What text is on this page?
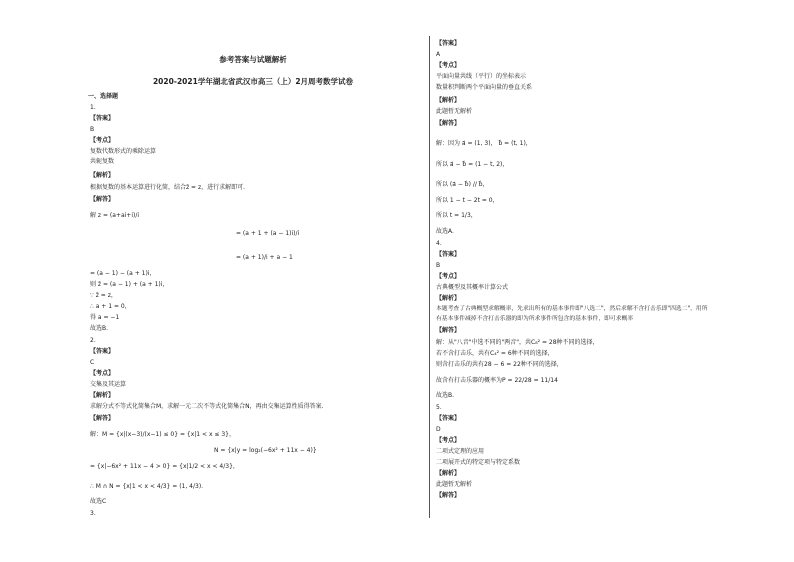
参考答案与试题解析
2020-2021学年湖北省武汉市高三（上）2月周考数学试卷
一、选择题
1.
【答案】
B
【考点】
复数代数形式的乘除运算
共轭复数
【解析】
根据复数的基本运算进行化简，结合z̄ = z，进行求解即可.
【解答】
解 z = (a+ai+i)/i
= (a + 1 + (a − 1)i)/i
= (a + 1)/i + a − 1
= (a − 1) − (a + 1)i，
则 z̄ = (a − 1) + (a + 1)i，
∵ z̄ = z，
∴ a + 1 = 0，
得 a = −1
故选B.
2.
【答案】
C
【考点】
交集及其运算
【解析】
求解分式不等式化简集合M，求解一元二次不等式化简集合N，再由交集运算性质得答案.
【解答】
解：M = {x|(x−3)/(x−1) ≤ 0} = {x|1 < x ≤ 3}，
N = {x|y = log₂(−6x² + 11x − 4)}
= {x|−6x² + 11x − 4 > 0} = {x|1/2 < x < 4/3}，
∴ M ∩ N = {x|1 < x < 4/3} = (1, 4/3).
故选C
3.
【答案】
A
【考点】
平面向量共线（平行）的坐标表示
数量积判断两个平面向量的垂直关系
【解析】
此题暂无解析
【解答】
解：因为 a⃗ = (1, 3)， b⃗ = (t, 1)，
所以 a⃗ − b⃗ = (1 − t, 2)，
所以 (a⃗ − b⃗) // b⃗，
所以 1 − t − 2t = 0，
所以 t = 1/3，
故选A.
4.
【答案】
B
【考点】
古典概型及其概率计算公式
【解析】
本题考查了古典概型求解概率，先求出所有的基本事件即"八选二"，然后求解不含打击乐即"四选二"，用所
有基本事件减掉不含打击乐器的即为所求事件所包含的基本事件，即可求概率
【解答】
解：从"八音"中选不同的"两音"，共C₈² = 28种不同的选择，
若不含打击乐，共有C₄² = 6种不同的选择，
则含打击乐的共有28 − 6 = 22种不同的选择，
故含有打击乐器的概率为P = 22/28 = 11/14
故选B.
5.
【答案】
D
【考点】
二项式定理的应用
二项展开式的特定项与特定系数
【解析】
此题暂无解析
【解答】
